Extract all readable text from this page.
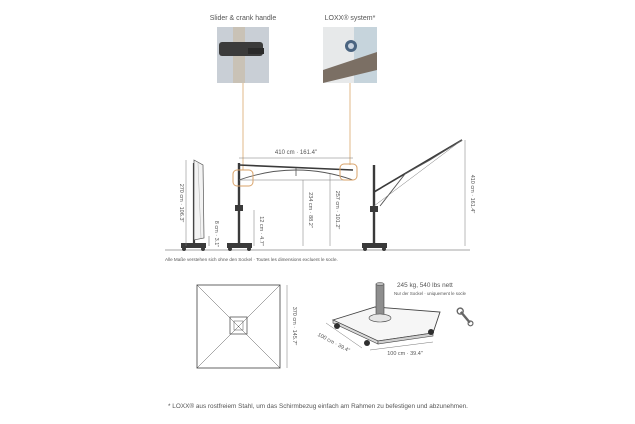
Slider & crank handle	LOXX® system*
270 cm · 106.3"
8 cm · 3.1"
410 cm · 161.4"
12 cm · 4.7"
234 cm · 88.2"	257 cm · 101.2"	410 cm · 161.4"
Alle Maße verstehen sich ohne den Sockel · Toutes les dimensions excluent le socle.
370 cm · 145.7"	100 cm · 39.4"	100 cm · 39.4"
245 kg, 540 lbs nett
Nur der Sockel · uniquement le socle
* LOXX® aus rostfreiem Stahl, um das Schirmbezug einfach am Rahmen zu befestigen und abzunehmen.
